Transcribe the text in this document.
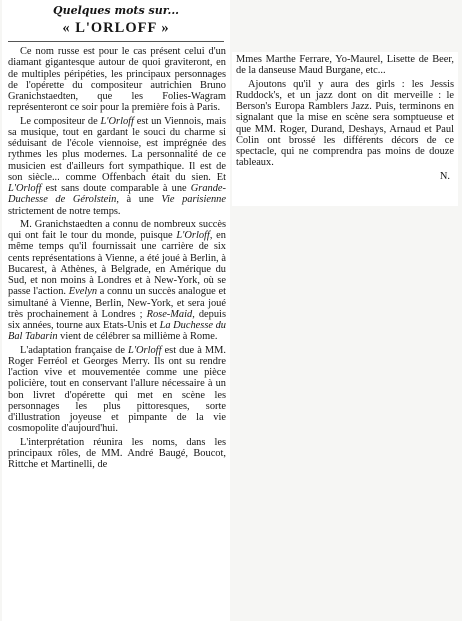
Quelques mots sur...
« L'ORLOFF »

Ce nom russe est pour le cas présent celui d'un diamant gigantesque autour de quoi graviteront, en de multiples péripéties, les principaux personnages de l'opérette du compositeur autrichien Bruno Granichstaedten, que les Folies-Wagram représenteront ce soir pour la première fois à Paris.

Le compositeur de L'Orloff est un Viennois, mais sa musique, tout en gardant le souci du charme si séduisant de l'école viennoise, est imprégnée des rythmes les plus modernes. La personnalité de ce musicien est d'ailleurs fort sympathique. Il est de son siècle... comme Offenbach était du sien. Et L'Orloff est sans doute comparable à une Grande-Duchesse de Gérolstein, à une Vie parisienne strictement de notre temps.

M. Granichstaedten a connu de nombreux succès qui ont fait le tour du monde, puisque L'Orloff, en même temps qu'il fournissait une carrière de six cents représentations à Vienne, a été joué à Berlin, à Bucarest, à Athènes, à Belgrade, en Amérique du Sud, et non moins à Londres et à New-York, où se passe l'action. Evelyn a connu un succès analogue et simultané à Vienne, Berlin, New-York, et sera joué très prochainement à Londres ; Rose-Maid, depuis six années, tourne aux Etats-Unis et La Duchesse du Bal Tabarin vient de célébrer sa millième à Rome.

L'adaptation française de L'Orloff est due à MM. Roger Ferréol et Georges Merry. Ils ont su rendre l'action vive et mouvementée comme une pièce policière, tout en conservant l'allure nécessaire à un bon livret d'opérette qui met en scène les personnages les plus pittoresques, sorte d'illustration joyeuse et pimpante de la vie cosmopolite d'aujourd'hui.

L'interprétation réunira les noms, dans les principaux rôles, de MM. André Baugé, Boucot, Rittche et Martinelli, de

Mmes Marthe Ferrare, Yo-Maurel, Lisette de Beer, de la danseuse Maud Burgane, etc...

Ajoutons qu'il y aura des girls : les Jessis Ruddock's, et un jazz dont on dit merveille : le Berson's Europa Ramblers Jazz. Puis, terminons en signalant que la mise en scène sera somptueuse et que MM. Roger, Durand, Deshays, Arnaud et Paul Colin ont brossé les différents décors de ce spectacle, qui ne comprendra pas moins de douze tableaux.

N.
